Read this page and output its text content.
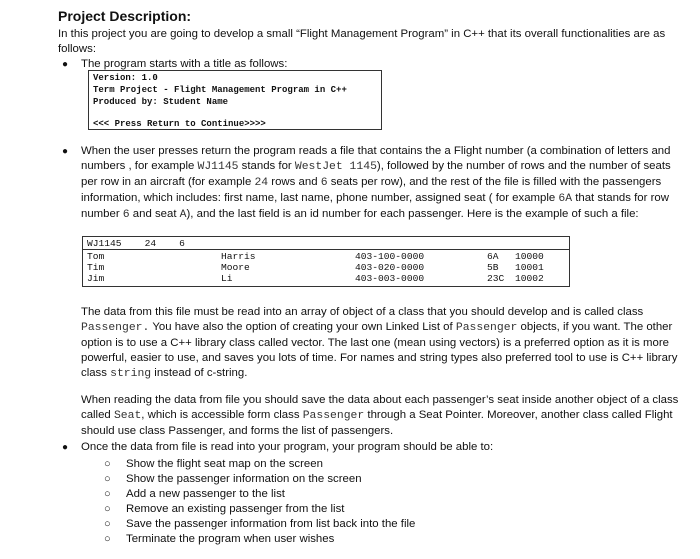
Project Description:
In this project you are going to develop a small “Flight Management Program” in C++ that its overall functionalities are as follows:
● The program starts with a title as follows:
Version: 1.0
Term Project - Flight Management Program in C++
Produced by: Student Name
<<< Press Return to Continue>>>>
● When the user presses return the program reads a file that contains the a Flight number (a combination of letters and numbers , for example WJ1145 stands for WestJet 1145), followed by the number of rows and the number of seats per row in an aircraft (for example 24 rows and 6 seats per row), and the rest of the file is filled with the passengers information, which includes: first name, last name, phone number, assigned seat ( for example 6A that stands for row number 6 and seat A), and the last field is an id number for each passenger. Here is the example of such a file:
WJ1145    24    6
Tom	Harris	403-100-0000	6A 10000
Tim	Moore	403-020-0000	5B 10001
Jim	Li	403-003-0000	23C 10002
The data from this file must be read into an array of object of a class that you should develop and is called class Passenger. You have also the option of creating your own Linked List of Passenger objects, if you want. The other option is to use a C++ library class called vector. The last one (mean using vectors) is a preferred option as it is more powerful, easier to use, and saves you lots of time. For names and string types also preferred tool to use is C++ library class string instead of c-string.
When reading the data from file you should save the data about each passenger’s seat inside another object of a class called Seat, which is accessible form class Passenger through a Seat Pointer. Moreover, another class called Flight should use class Passenger, and forms the list of passengers.
● Once the data from file is read into your program, your program should be able to:
○ Show the flight seat map on the screen
○ Show the passenger information on the screen
○ Add a new passenger to the list
○ Remove an existing passenger from the list
○ Save the passenger information from list back into the file
○ Terminate the program when user wishes
